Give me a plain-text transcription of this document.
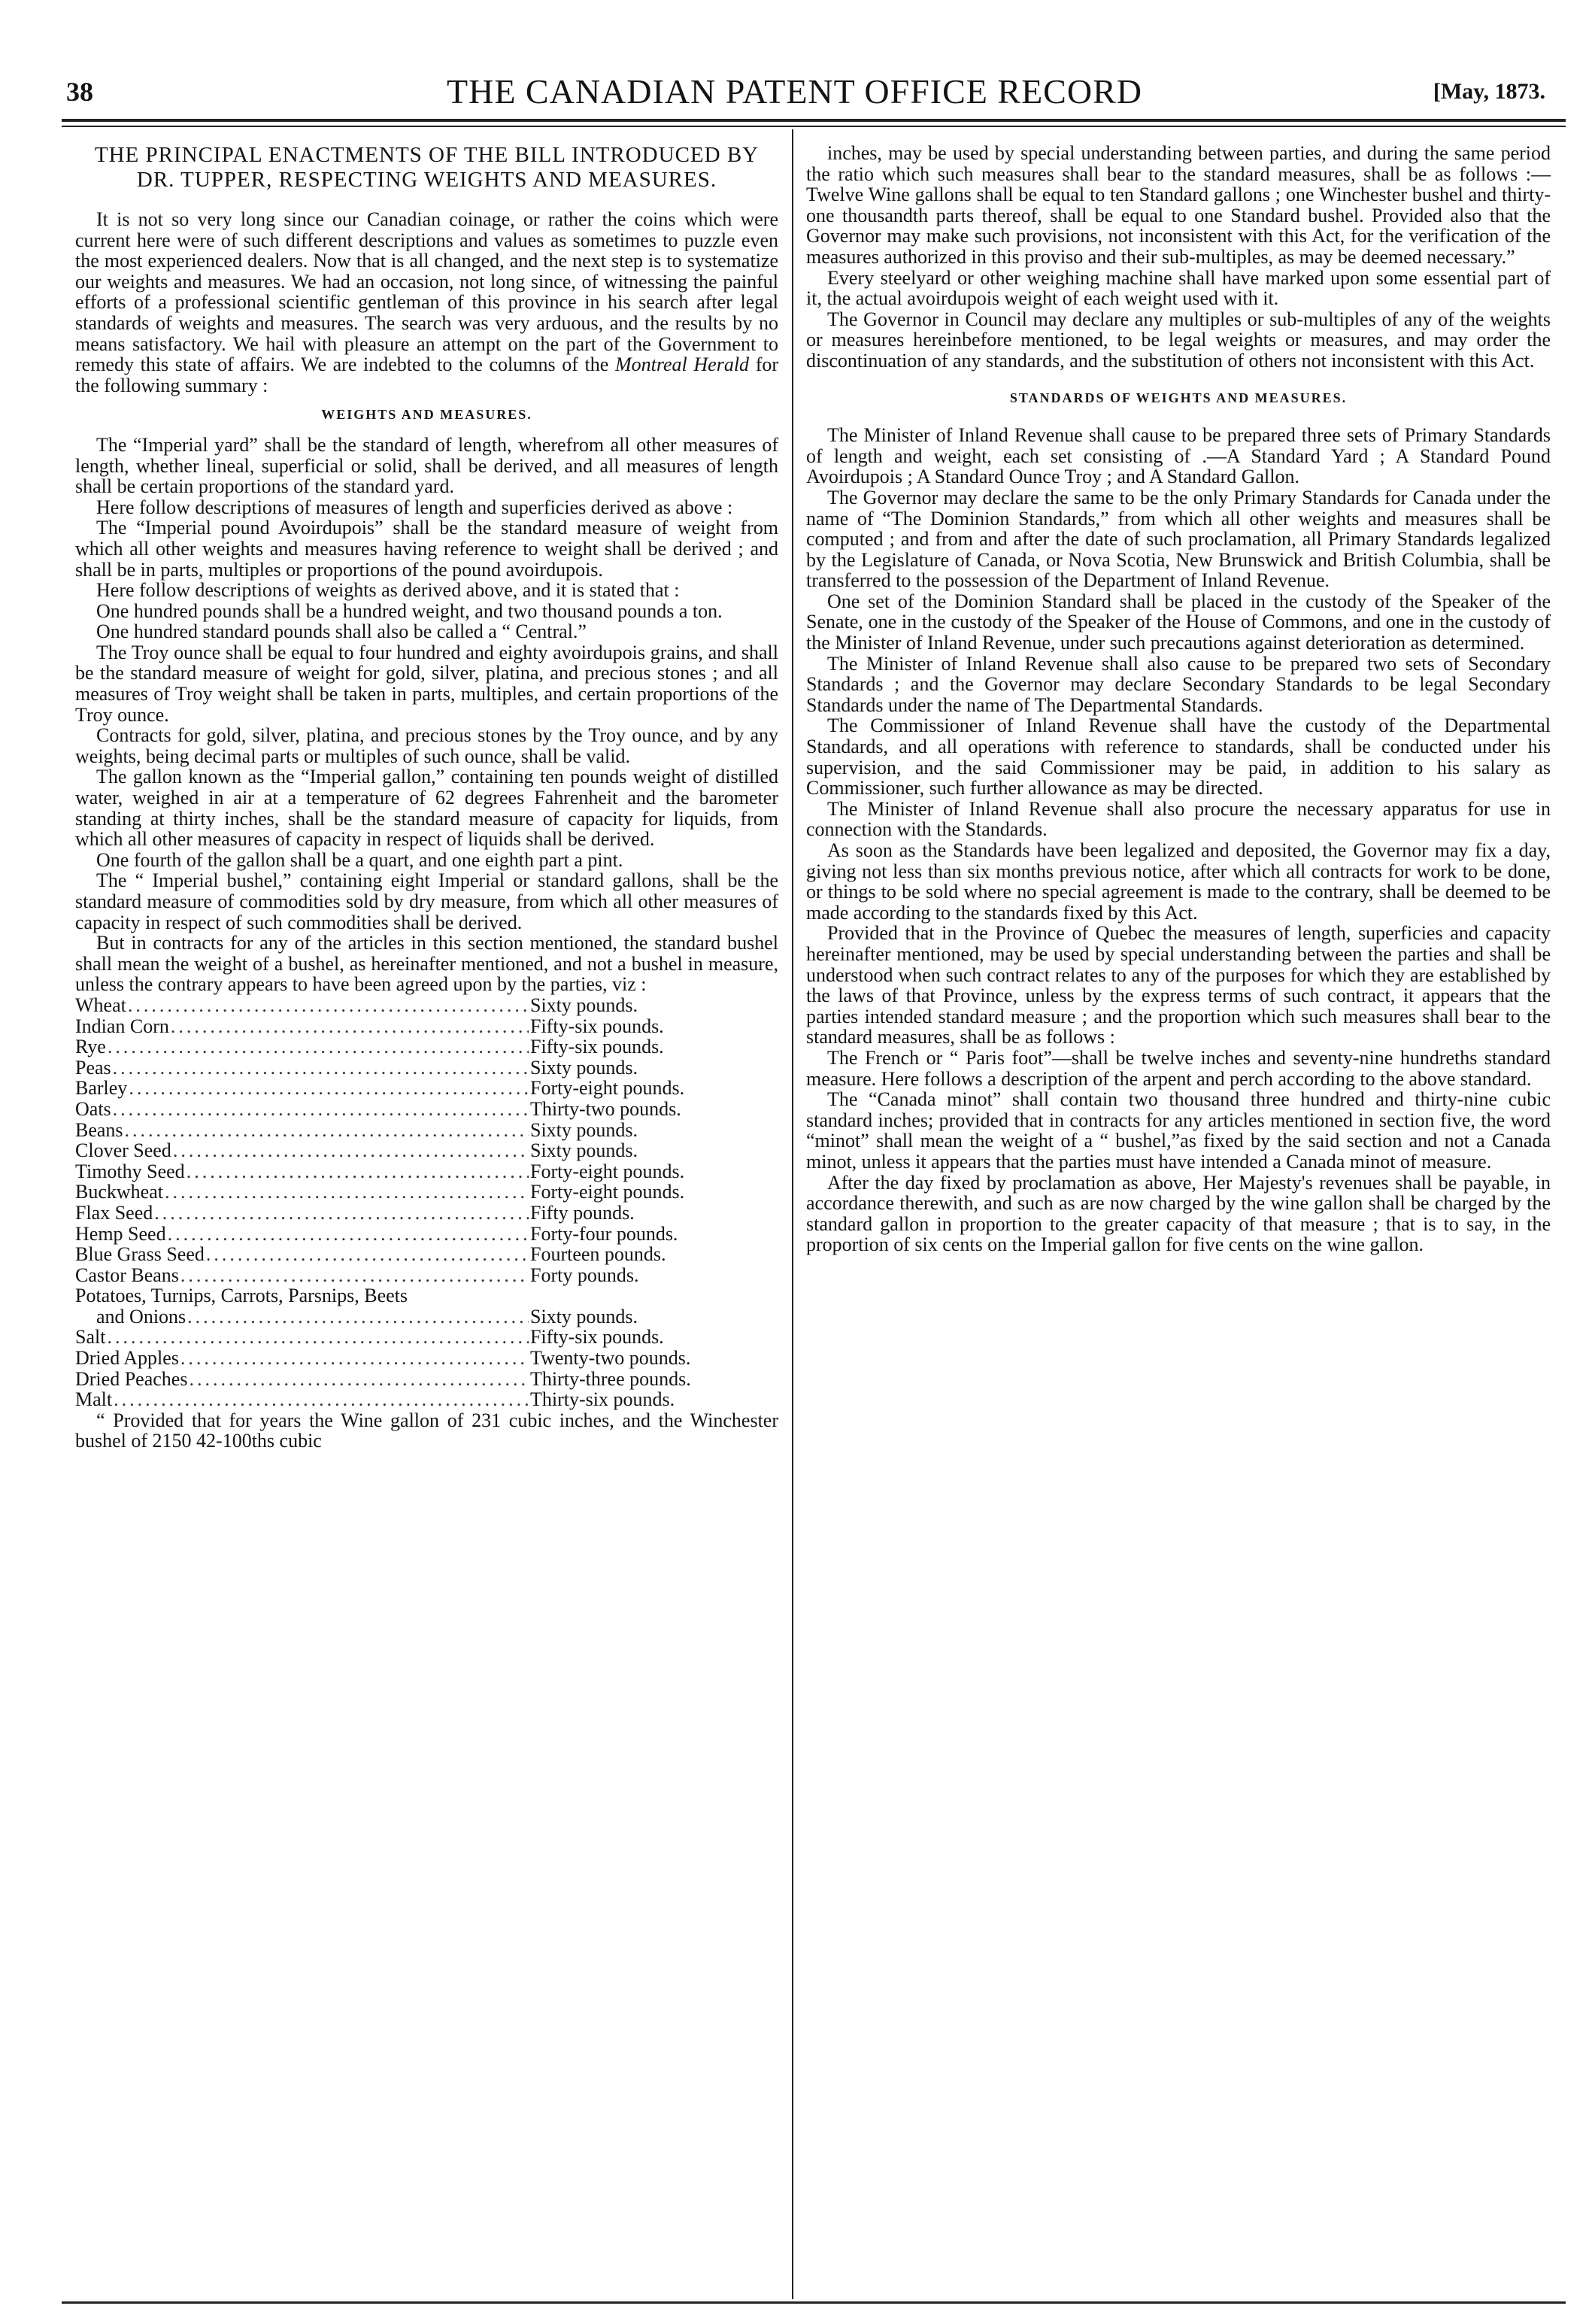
38	THE CANADIAN PATENT OFFICE RECORD	[May, 1873.
THE PRINCIPAL ENACTMENTS OF THE BILL INTRODUCED BY DR. TUPPER, RESPECTING WEIGHTS AND MEASURES.

It is not so very long since our Canadian coinage, or rather the coins which were current here were of such different descriptions and values as sometimes to puzzle even the most experienced dealers. Now that is all changed, and the next step is to systematize our weights and measures. We had an occasion, not long since, of witnessing the painful efforts of a professional scientific gentleman of this province in his search after legal standards of weights and measures. The search was very arduous, and the results by no means satisfactory. We hail with pleasure an attempt on the part of the Government to remedy this state of affairs. We are indebted to the columns of the Montreal Herald for the following summary :

WEIGHTS AND MEASURES.

The “Imperial yard” shall be the standard of length, wherefrom all other measures of length, whether lineal, superficial or solid, shall be derived, and all measures of length shall be certain proportions of the standard yard.

Here follow descriptions of measures of length and superficies derived as above :

The “Imperial pound Avoirdupois” shall be the standard measure of weight from which all other weights and measures having reference to weight shall be derived ; and shall be in parts, multiples or proportions of the pound avoirdupois.

Here follow descriptions of weights as derived above, and it is stated that :

One hundred pounds shall be a hundred weight, and two thousand pounds a ton.

One hundred standard pounds shall also be called a “ Central.”

The Troy ounce shall be equal to four hundred and eighty avoirdupois grains, and shall be the standard measure of weight for gold, silver, platina, and precious stones ; and all measures of Troy weight shall be taken in parts, multiples, and certain proportions of the Troy ounce.

Contracts for gold, silver, platina, and precious stones by the Troy ounce, and by any weights, being decimal parts or multiples of such ounce, shall be valid.

The gallon known as the “Imperial gallon,” containing ten pounds weight of distilled water, weighed in air at a temperature of 62 degrees Fahrenheit and the barometer standing at thirty inches, shall be the standard measure of capacity for liquids, from which all other measures of capacity in respect of liquids shall be derived.

One fourth of the gallon shall be a quart, and one eighth part a pint.

The “ Imperial bushel,” containing eight Imperial or standard gallons, shall be the standard measure of commodities sold by dry measure, from which all other measures of capacity in respect of such commodities shall be derived.

But in contracts for any of the articles in this section mentioned, the standard bushel shall mean the weight of a bushel, as hereinafter mentioned, and not a bushel in measure, unless the contrary appears to have been agreed upon by the parties, viz :

Wheat .....	Sixty pounds.
Indian Corn .....	Fifty-six pounds.
Rye .....	Fifty-six pounds.
Peas .....	Sixty pounds.
Barley .....	Forty-eight pounds.
Oats .....	Thirty-two pounds.
Beans .....	Sixty pounds.
Clover Seed .....	Sixty pounds.
Timothy Seed .....	Forty-eight pounds.
Buckwheat .....	Forty-eight pounds.
Flax Seed .....	Fifty pounds.
Hemp Seed .....	Forty-four pounds.
Blue Grass Seed .....	Fourteen pounds.
Castor Beans .....	Forty pounds.
Potatoes, Turnips, Carrots, Parsnips, Beets
and Onions .....	Sixty pounds.
Salt .....	Fifty-six pounds.
Dried Apples .....	Twenty-two pounds.
Dried Peaches .....	Thirty-three pounds.
Malt .....	Thirty-six pounds.

“ Provided that for years the Wine gallon of 231 cubic inches, and the Winchester bushel of 2150 42-100ths cubic

inches, may be used by special understanding between parties, and during the same period the ratio which such measures shall bear to the standard measures, shall be as follows :—Twelve Wine gallons shall be equal to ten Standard gallons ; one Winchester bushel and thirty-one thousandth parts thereof, shall be equal to one Standard bushel. Provided also that the Governor may make such provisions, not inconsistent with this Act, for the verification of the measures authorized in this proviso and their sub-multiples, as may be deemed necessary.”

Every steelyard or other weighing machine shall have marked upon some essential part of it, the actual avoirdupois weight of each weight used with it.

The Governor in Council may declare any multiples or sub-multiples of any of the weights or measures hereinbefore mentioned, to be legal weights or measures, and may order the discontinuation of any standards, and the substitution of others not inconsistent with this Act.

STANDARDS OF WEIGHTS AND MEASURES.

The Minister of Inland Revenue shall cause to be prepared three sets of Primary Standards of length and weight, each set consisting of .—A Standard Yard ; A Standard Pound Avoirdupois ; A Standard Ounce Troy ; and A Standard Gallon.

The Governor may declare the same to be the only Primary Standards for Canada under the name of “The Dominion Standards,” from which all other weights and measures shall be computed ; and from and after the date of such proclamation, all Primary Standards legalized by the Legislature of Canada, or Nova Scotia, New Brunswick and British Columbia, shall be transferred to the possession of the Department of Inland Revenue.

One set of the Dominion Standard shall be placed in the custody of the Speaker of the Senate, one in the custody of the Speaker of the House of Commons, and one in the custody of the Minister of Inland Revenue, under such precautions against deterioration as determined.

The Minister of Inland Revenue shall also cause to be prepared two sets of Secondary Standards ; and the Governor may declare Secondary Standards to be legal Secondary Standards under the name of The Departmental Standards.

The Commissioner of Inland Revenue shall have the custody of the Departmental Standards, and all operations with reference to standards, shall be conducted under his supervision, and the said Commissioner may be paid, in addition to his salary as Commissioner, such further allowance as may be directed.

The Minister of Inland Revenue shall also procure the necessary apparatus for use in connection with the Standards.

As soon as the Standards have been legalized and deposited, the Governor may fix a day, giving not less than six months previous notice, after which all contracts for work to be done, or things to be sold where no special agreement is made to the contrary, shall be deemed to be made according to the standards fixed by this Act.

Provided that in the Province of Quebec the measures of length, superficies and capacity hereinafter mentioned, may be used by special understanding between the parties and shall be understood when such contract relates to any of the purposes for which they are established by the laws of that Province, unless by the express terms of such contract, it appears that the parties intended standard measure ; and the proportion which such measures shall bear to the standard measures, shall be as follows :

The French or “ Paris foot”—shall be twelve inches and seventy-nine hundreths standard measure. Here follows a description of the arpent and perch according to the above standard.

The “Canada minot” shall contain two thousand three hundred and thirty-nine cubic standard inches; provided that in contracts for any articles mentioned in section five, the word “minot” shall mean the weight of a “ bushel,”as fixed by the said section and not a Canada minot, unless it appears that the parties must have intended a Canada minot of measure.

After the day fixed by proclamation as above, Her Majesty's revenues shall be payable, in accordance therewith, and such as are now charged by the wine gallon shall be charged by the standard gallon in proportion to the greater capacity of that measure ; that is to say, in the proportion of six cents on the Imperial gallon for five cents on the wine gallon.
